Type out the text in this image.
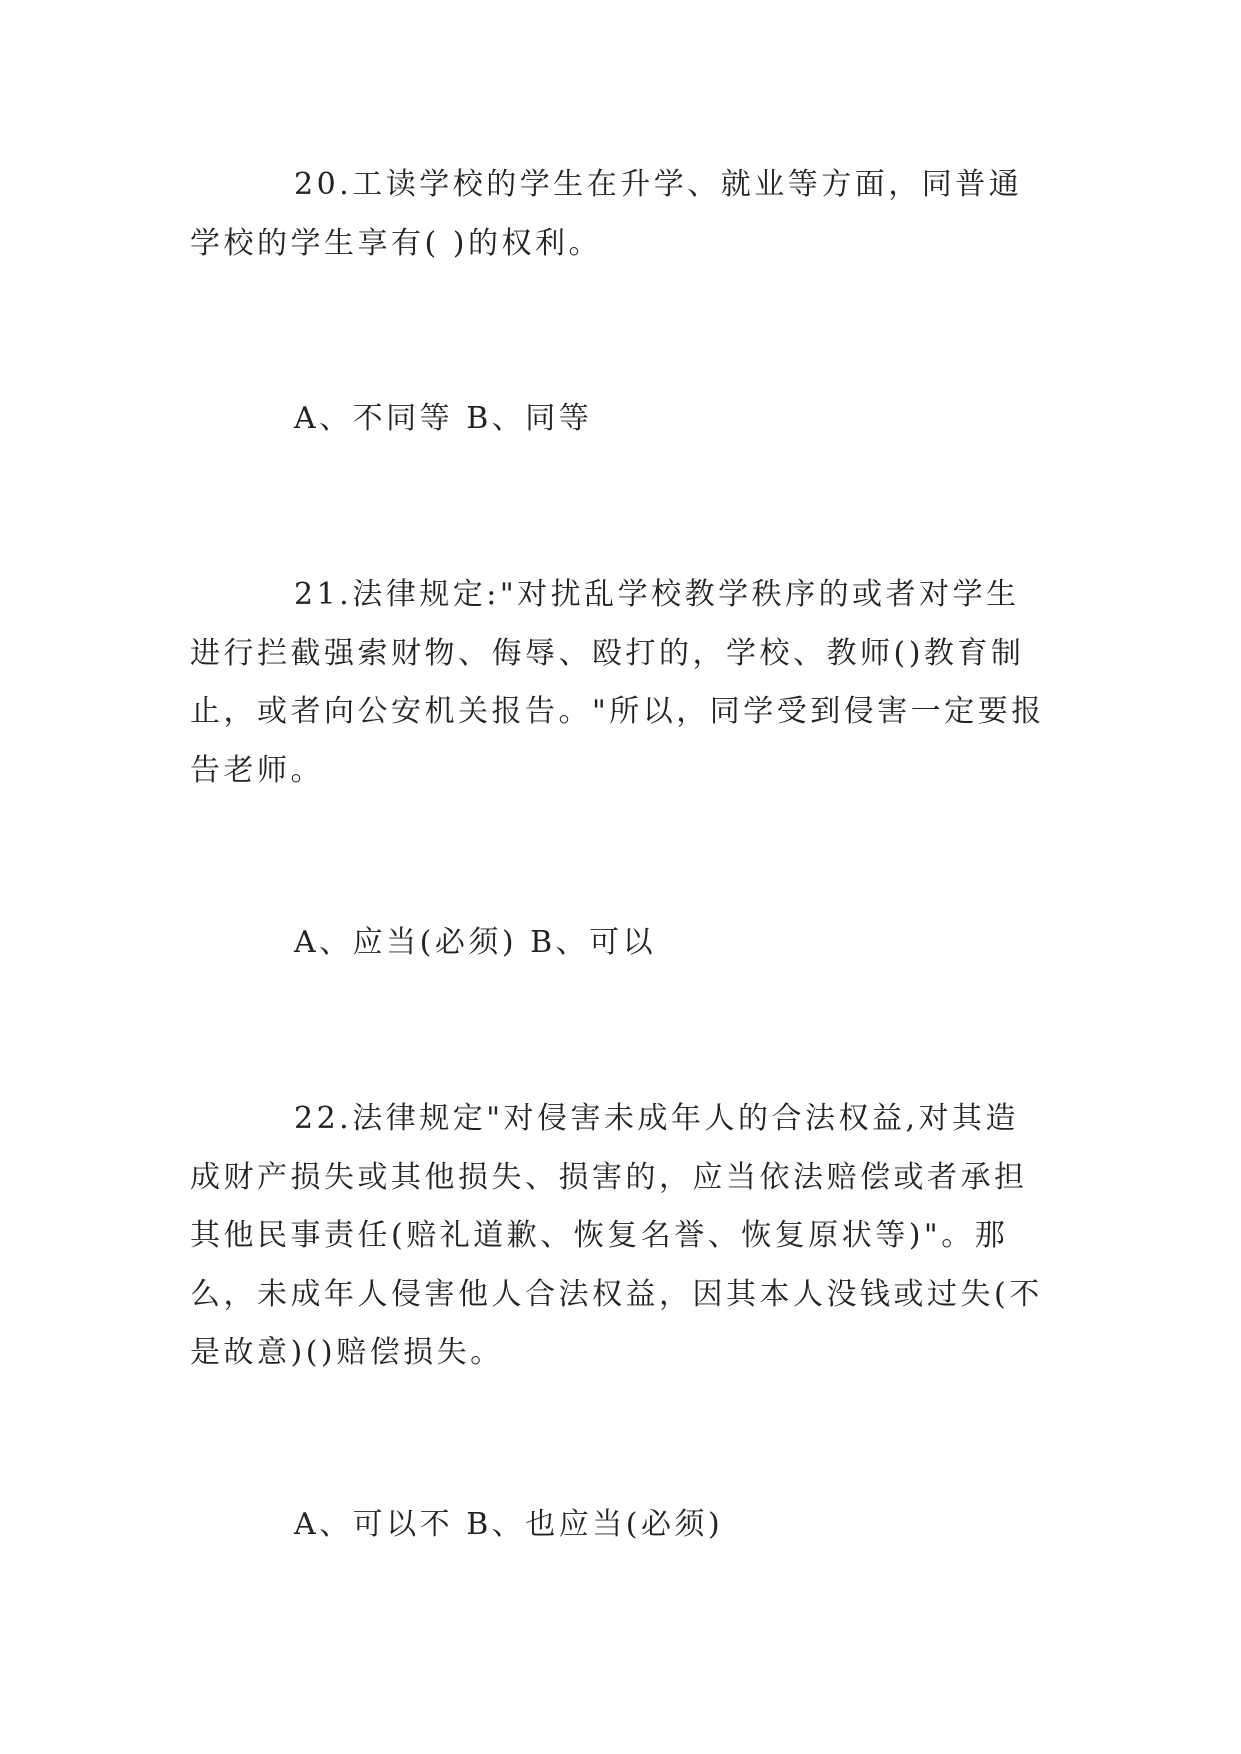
20.工读学校的学生在升学、就业等方面，同普通学校的学生享有( )的权利。

A、不同等 B、同等

21.法律规定:"对扰乱学校教学秩序的或者对学生进行拦截强索财物、侮辱、殴打的，学校、教师()教育制止，或者向公安机关报告。"所以，同学受到侵害一定要报告老师。

A、应当(必须) B、可以

22.法律规定"对侵害未成年人的合法权益,对其造成财产损失或其他损失、损害的，应当依法赔偿或者承担其他民事责任(赔礼道歉、恢复名誉、恢复原状等)"。那么，未成年人侵害他人合法权益，因其本人没钱或过失(不是故意)()赔偿损失。

A、可以不 B、也应当(必须)
